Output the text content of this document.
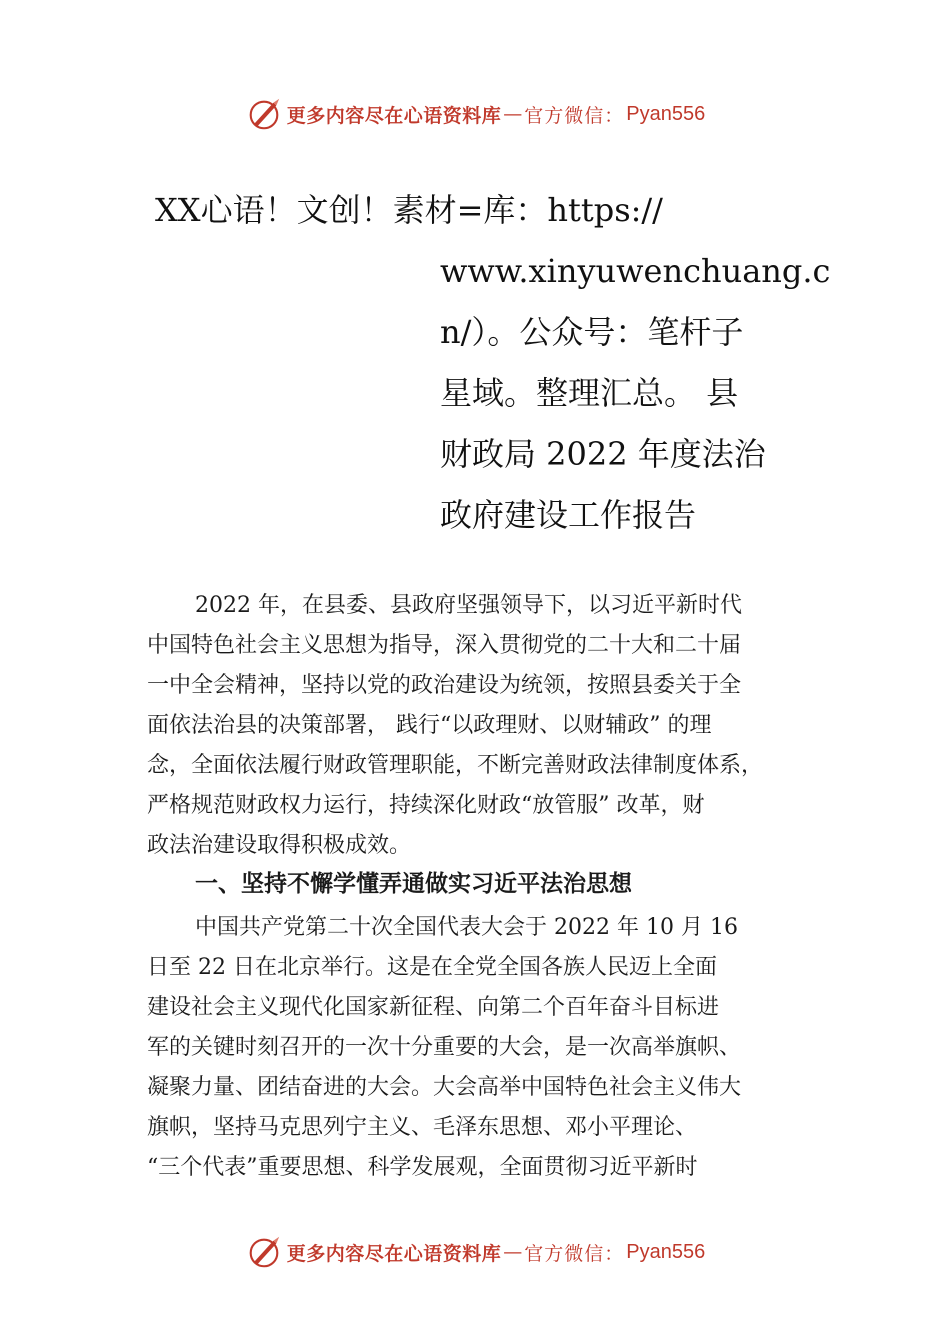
更多内容尽在心语资料库 — 官方微信： Pyan556
XX心语！文创！素材=库：https://
www.xinyuwenchuang.c
n/）。公众号：笔杆子
星域。整理汇总。 县
财政局 2022 年度法治
政府建设工作报告
2022 年，在县委、县政府坚强领导下，以习近平新时代
中国特色社会主义思想为指导，深入贯彻党的二十大和二十届
一中全会精神，坚持以党的政治建设为统领，按照县委关于全
面依法治县的决策部署， 践行“以政理财、以财辅政” 的理
念，全面依法履行财政管理职能，不断完善财政法律制度体系，
严格规范财政权力运行，持续深化财政“放管服” 改革，财
政法治建设取得积极成效。
一、坚持不懈学懂弄通做实习近平法治思想
中国共产党第二十次全国代表大会于 2022 年 10 月 16
日至 22 日在北京举行。这是在全党全国各族人民迈上全面
建设社会主义现代化国家新征程、向第二个百年奋斗目标进
军的关键时刻召开的一次十分重要的大会，是一次高举旗帜、
凝聚力量、团结奋进的大会。大会高举中国特色社会主义伟大
旗帜，坚持马克思列宁主义、毛泽东思想、邓小平理论、
“三个代表”重要思想、科学发展观，全面贯彻习近平新时
更多内容尽在心语资料库 — 官方微信： Pyan556
